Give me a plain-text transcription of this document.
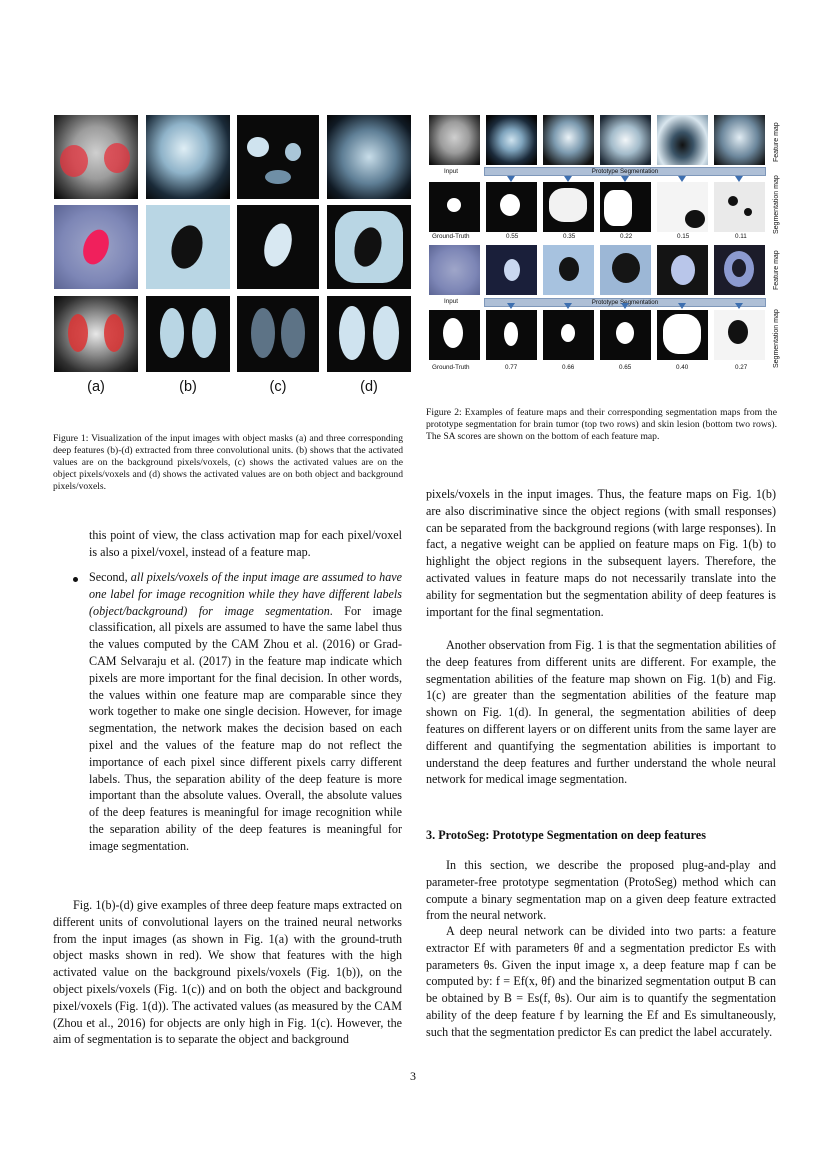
(a)	(b)	(c)	(d)
Figure 1: Visualization of the input images with object masks (a) and three corresponding deep features (b)-(d) extracted from three convolutional units. (b) shows that the activated values are on the background pixels/voxels, (c) shows the activated values are on the object pixels/voxels and (d) shows the activated values are on both object and background pixels/voxels.
Input	Prototype Segmentation
Ground-Truth	0.55	0.35	0.22	0.15	0.11
Input	Prototype Segmentation
Ground-Truth	0.77	0.66	0.65	0.40	0.27
Feature map
Segmentation map
Feature map
Segmentation map
Figure 2: Examples of feature maps and their corresponding segmentation maps from the prototype segmentation for brain tumor (top two rows) and skin lesion (bottom two rows). The SA scores are shown on the bottom of each feature map.
this point of view, the class activation map for each pixel/voxel is also a pixel/voxel, instead of a feature map.
Second, all pixels/voxels of the input image are assumed to have one label for image recognition while they have different labels (object/background) for image segmentation. For image classification, all pixels are assumed to have the same label thus the values computed by the CAM Zhou et al. (2016) or Grad-CAM Selvaraju et al. (2017) in the feature map indicate which pixels are more important for the final decision. In other words, the values within one feature map are comparable since they work together to make one single decision. However, for image segmentation, the network makes the decision based on each pixel and the values of the feature map do not reflect the importance of each pixel since different pixels carry different labels. Thus, the separation ability of the deep feature is more important than the absolute values. Overall, the absolute values of the deep features is meaningful for image recognition while the separation ability of the deep features is meaningful for image segmentation.
Fig. 1(b)-(d) give examples of three deep feature maps extracted on different units of convolutional layers on the trained neural networks from the input images (as shown in Fig. 1(a) with the ground-truth object masks shown in red). We show that features with the high activated value on the background pixels/voxels (Fig. 1(b)), on the object pixels/voxels (Fig. 1(c)) and on both the object and background pixel/voxels (Fig. 1(d)). The activated values (as measured by the CAM (Zhou et al., 2016) for objects are only high in Fig. 1(c). However, the aim of segmentation is to separate the object and background
pixels/voxels in the input images. Thus, the feature maps on Fig. 1(b) are also discriminative since the object regions (with small responses) can be separated from the background regions (with large responses). In fact, a negative weight can be applied on feature maps on Fig. 1(b) to highlight the object regions in the subsequent layers. Therefore, the activated values in feature maps do not necessarily translate into the ability for segmentation but the segmentation ability of deep features is important for the final segmentation.
Another observation from Fig. 1 is that the segmentation abilities of the deep features from different units are different. For example, the segmentation abilities of the feature map shown on Fig. 1(b) and Fig. 1(c) are greater than the segmentation abilities of the feature map shown on Fig. 1(d). In general, the segmentation abilities of deep features on different layers or on different units from the same layer are different and quantifying the segmentation abilities is important to understand the deep features and further understand the whole neural network for medical image segmentation.
3. ProtoSeg: Prototype Segmentation on deep features
In this section, we describe the proposed plug-and-play and parameter-free prototype segmentation (ProtoSeg) method which can compute a binary segmentation map on a given deep feature extracted from the neural network.
A deep neural network can be divided into two parts: a feature extractor Ef with parameters θf and a segmentation predictor Es with parameters θs. Given the input image x, a deep feature map f can be computed by: f = Ef(x, θf) and the binarized segmentation output B can be obtained by B = Es(f, θs). Our aim is to quantify the segmentation ability of the deep feature f by learning the Ef and Es simultaneously, such that the segmentation predictor Es can predict the label accurately.
3
